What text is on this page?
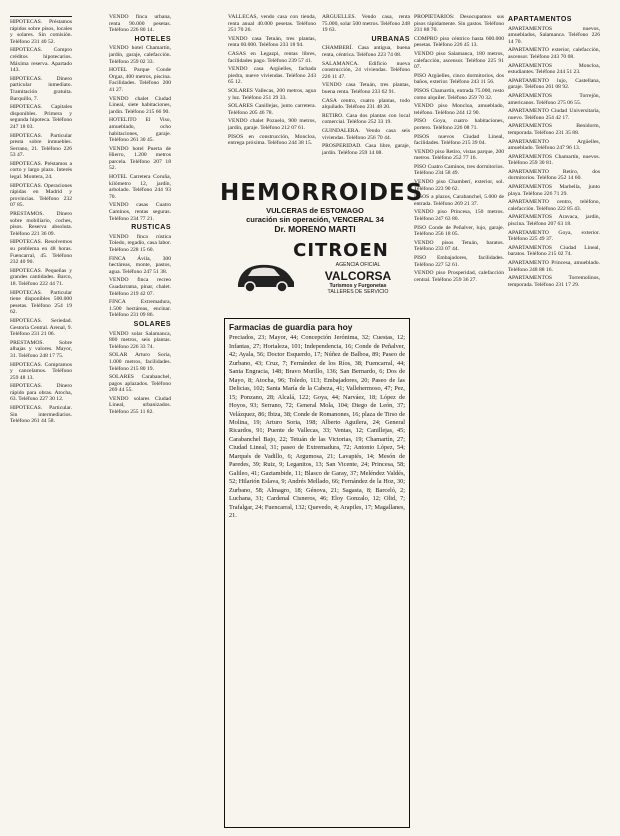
HIPOTECAS. Préstamos rápidos sobre pisos, locales y solares. Sin comisión. Teléfono 231 40 52.
HIPOTECAS. Compro créditos hipotecarios. Máxima reserva. Apartado 143.
HIPOTECAS. Dinero particular inmediato. Tramitación gratuita. Barquillo, 7.
HIPOTECAS. Capitales disponibles. Primera y segunda hipoteca. Teléfono 247 18 03.
HIPOTECAS. Particular presta sobre inmuebles. Serrano, 21. Teléfono 226 53 47.
HIPOTECAS. Préstamos a corto y largo plazo. Interés legal. Montera, 24.
HIPOTECAS. Operaciones rápidas en Madrid y provincias. Teléfono 232 07 85.
PRESTAMOS. Dinero sobre mobiliario, coches, pisos. Reserva absoluta. Teléfono 221 36 09.
HIPOTECAS. Resolvemos su problema en 48 horas. Fuencarral, 45. Teléfono 232 40 90.
HIPOTECAS. Pequeñas y grandes cantidades. Barco, 18. Teléfono 222 44 71.
HIPOTECAS. Particular tiene disponibles 500.000 pesetas. Teléfono 254 19 62.
HIPOTECAS. Seriedad. Gestoría Central. Arenal, 9. Teléfono 231 21 06.
PRESTAMOS. Sobre alhajas y valores. Mayor, 31. Teléfono 248 17 75.
HIPOTECAS. Compramos y cancelamos. Teléfono 259 48 13.
HIPOTECAS. Dinero rápido para obras. Atocha, 63. Teléfono 227 30 12.
HIPOTECAS. Particular. Sin intermediarios. Teléfono 261 44 58.
VENDO finca urbana, renta 90.000 pesetas. Teléfono 226 80 14.
HOTELES
VENDO hotel Chamartín, jardín, garaje, calefacción. Teléfono 259 02 33.
HOTEL Parque Conde Orgaz, 400 metros, piscina. Facilidades. Teléfono 200 41 27.
VENDO chalet Ciudad Lineal, siete habitaciones, jardín. Teléfono 215 66 90.
HOTELITO El Viso, amueblado, ocho habitaciones, garaje. Teléfono 261 30 45.
VENDO hotel Puerta de Hierro, 1.200 metros parcela. Teléfono 207 18 52.
HOTEL Carretera Coruña, kilómetro 12, jardín, arbolado. Teléfono 244 93 70.
VENDO casas Cuatro Caminos, rentas seguras. Teléfono 234 77 21.
RUSTICAS
VENDO finca rústica Toledo, regadío, casa labor. Teléfono 228 15 60.
FINCA Ávila, 300 hectáreas, monte, pastos, agua. Teléfono 247 51 38.
VENDO finca recreo Guadarrama, pinar, chalet. Teléfono 219 42 07.
FINCA Extremadura, 1.500 hectáreas, encinar. Teléfono 231 09 86.
SOLARES
VENDO solar Salamanca, 800 metros, seis plantas. Teléfono 226 33 74.
SOLAR Arturo Soria, 1.000 metros, facilidades. Teléfono 215 80 19.
SOLARES Carabanchel, pagos aplazados. Teléfono 269 44 55.
VENDO solares Ciudad Lineal, urbanizados. Teléfono 255 11 82.
VALLECAS, vendo casa con tienda, renta anual 40.000 pesetas. Teléfono 251 70 26.
VENDO casa Tetuán, tres plantas, renta 60.000. Teléfono 233 18 94.
CASAS en Legazpi, rentas libres, facilidades pago. Teléfono 239 57 41.
VENDO casa Argüelles, fachada piedra, nueve viviendas. Teléfono 243 65 12.
SOLARES Vallecas, 200 metros, agua y luz. Teléfono 251 29 33.
SOLARES Canillejas, junto carretera. Teléfono 205 46 78.
VENDO chalet Pozuelo, 900 metros, jardín, garaje. Teléfono 212 07 61.
PISOS en construcción, Moncloa, entrega próxima. Teléfono 244 38 15.
ARGÜELLES. Vendo casa, renta 75.000, solar 500 metros. Teléfono 248 19 63.
URBANAS
CHAMBERÍ. Casa antigua, buena renta, céntrica. Teléfono 223 74 08.
SALAMANCA. Edificio nueva construcción, 24 viviendas. Teléfono 226 11 47.
VENDO casa Tetuán, tres plantas, buena renta. Teléfono 233 62 91.
CASA centro, cuatro plantas, todo alquilado. Teléfono 231 48 20.
RETIRO. Casa dos plantas con local comercial. Teléfono 252 33 19.
GUINDALERA. Vendo casa seis viviendas. Teléfono 256 70 44.
PROSPERIDAD. Casa libre, garaje, jardín. Teléfono 259 14 08.
HEMORROIDES
VULCERAS de ESTOMAGO
curación sin operación, VENCERAL 34
Dr. MORENO MARTI
CITROEN
AGENCIA OFICIAL
VALCORSA
Turismos y Furgonetas
TALLERES DE SERVICIO
Farmacias de guardia para hoy
Preciados, 23; Mayor, 44; Concepción Jerónima, 32; Cuestas, 12; Infantas, 27; Hortaleza, 101; Independencia, 16; Conde de Peñalver, 42; Ayala, 56; Doctor Esquerdo, 17; Núñez de Balboa, 89; Paseo de Zurbano, 43; Cruz, 7; Fernández de los Ríos, 38; Fuencarral, 44; Santa Engracia, 148; Bravo Murillo, 136; San Bernardo, 6; Dos de Mayo, 8; Atocha, 96; Toledo, 113; Embajadores, 20; Paseo de las Delicias, 102; Santa María de la Cabeza, 41; Vallehermoso, 47; Pez, 15; Ponzano, 28; Alcalá, 122; Goya, 44; Narváez, 18; López de Hoyos, 93; Serrano, 72; General Mola, 104; Diego de León, 37; Velázquez, 86; Ibiza, 38; Conde de Romanones, 16; plaza de Tirso de Molina, 19; Arturo Soria, 198; Alberto Aguilera, 24; General Ricardos, 91; Puente de Vallecas, 33; Ventas, 12; Canillejas, 45; Carabanchel Bajo, 22; Tetuán de las Victorias, 19; Chamartín, 27; Ciudad Lineal, 31; paseo de Extremadura, 72; Antonio López, 54; Marqués de Vadillo, 6; Argumosa, 21; Lavapiés, 14; Mesón de Paredes, 39; Ruiz, 9; Leganitos, 13; San Vicente, 24; Princesa, 58; Galileo, 41; Gaztambide, 11; Blasco de Garay, 37; Meléndez Valdés, 52; Hilarión Eslava, 9; Andrés Mellado, 66; Fernández de la Hoz, 30; Zurbano, 58; Almagro, 18; Génova, 21; Sagasta, 8; Barceló, 2; Luchana, 31; Cardenal Cisneros, 46; Eloy Gonzalo, 12; Olid, 7; Trafalgar, 24; Fuencarral, 132; Quevedo, 4; Arapiles, 17; Magallanes, 21.
PROPIETARIOS: Desocupamos sus pisos rápidamente. Sin gastos. Teléfono 231 88 70.
COMPRO piso céntrico hasta 600.000 pesetas. Teléfono 226 45 13.
VENDO piso Salamanca, 180 metros, calefacción, ascensor. Teléfono 225 91 07.
PISO Argüelles, cinco dormitorios, dos baños, exterior. Teléfono 243 11 56.
PISOS Chamartín, entrada 75.000, resto como alquiler. Teléfono 259 70 32.
VENDO piso Moncloa, amueblado, teléfono. Teléfono 244 12 90.
PISO Goya, cuatro habitaciones, portero. Teléfono 226 08 71.
PISOS nuevos Ciudad Lineal, facilidades. Teléfono 215 39 04.
VENDO piso Retiro, vistas parque, 200 metros. Teléfono 252 77 16.
PISO Cuatro Caminos, tres dormitorios. Teléfono 234 58 49.
VENDO piso Chamberí, exterior, sol. Teléfono 223 90 62.
PISOS a plazos, Carabanchel, 5.000 de entrada. Teléfono 269 21 37.
VENDO piso Princesa, 150 metros. Teléfono 247 63 80.
PISO Conde de Peñalver, lujo, garaje. Teléfono 256 18 05.
VENDO pisos Tetuán, baratos. Teléfono 233 07 44.
PISO Embajadores, facilidades. Teléfono 227 52 61.
VENDO piso Prosperidad, calefacción central. Teléfono 259 36 27.
APARTAMENTOS
APARTAMENTOS nuevos, amueblados, Salamanca. Teléfono 226 14 70.
APARTAMENTO exterior, calefacción, ascensor. Teléfono 243 70 08.
APARTAMENTOS Moncloa, estudiantes. Teléfono 244 51 23.
APARTAMENTO lujo, Castellana, garaje. Teléfono 261 08 92.
APARTAMENTOS Torrejón, americanos. Teléfono 275 06 55.
APARTAMENTO Ciudad Universitaria, nuevo. Teléfono 254 42 17.
APARTAMENTOS Benidorm, temporada. Teléfono 231 35 88.
APARTAMENTO Argüelles, amueblado. Teléfono 247 96 13.
APARTAMENTOS Chamartín, nuevos. Teléfono 259 30 81.
APARTAMENTO Retiro, dos dormitorios. Teléfono 252 14 60.
APARTAMENTOS Marbella, junto playa. Teléfono 226 71 29.
APARTAMENTO centro, teléfono, calefacción. Teléfono 222 85 43.
APARTAMENTOS Aravaca, jardín, piscina. Teléfono 207 63 18.
APARTAMENTO Goya, exterior. Teléfono 225 49 37.
APARTAMENTOS Ciudad Lineal, baratos. Teléfono 215 02 74.
APARTAMENTO Princesa, amueblado. Teléfono 248 88 16.
APARTAMENTOS Torremolinos, temporada. Teléfono 231 17 29.
